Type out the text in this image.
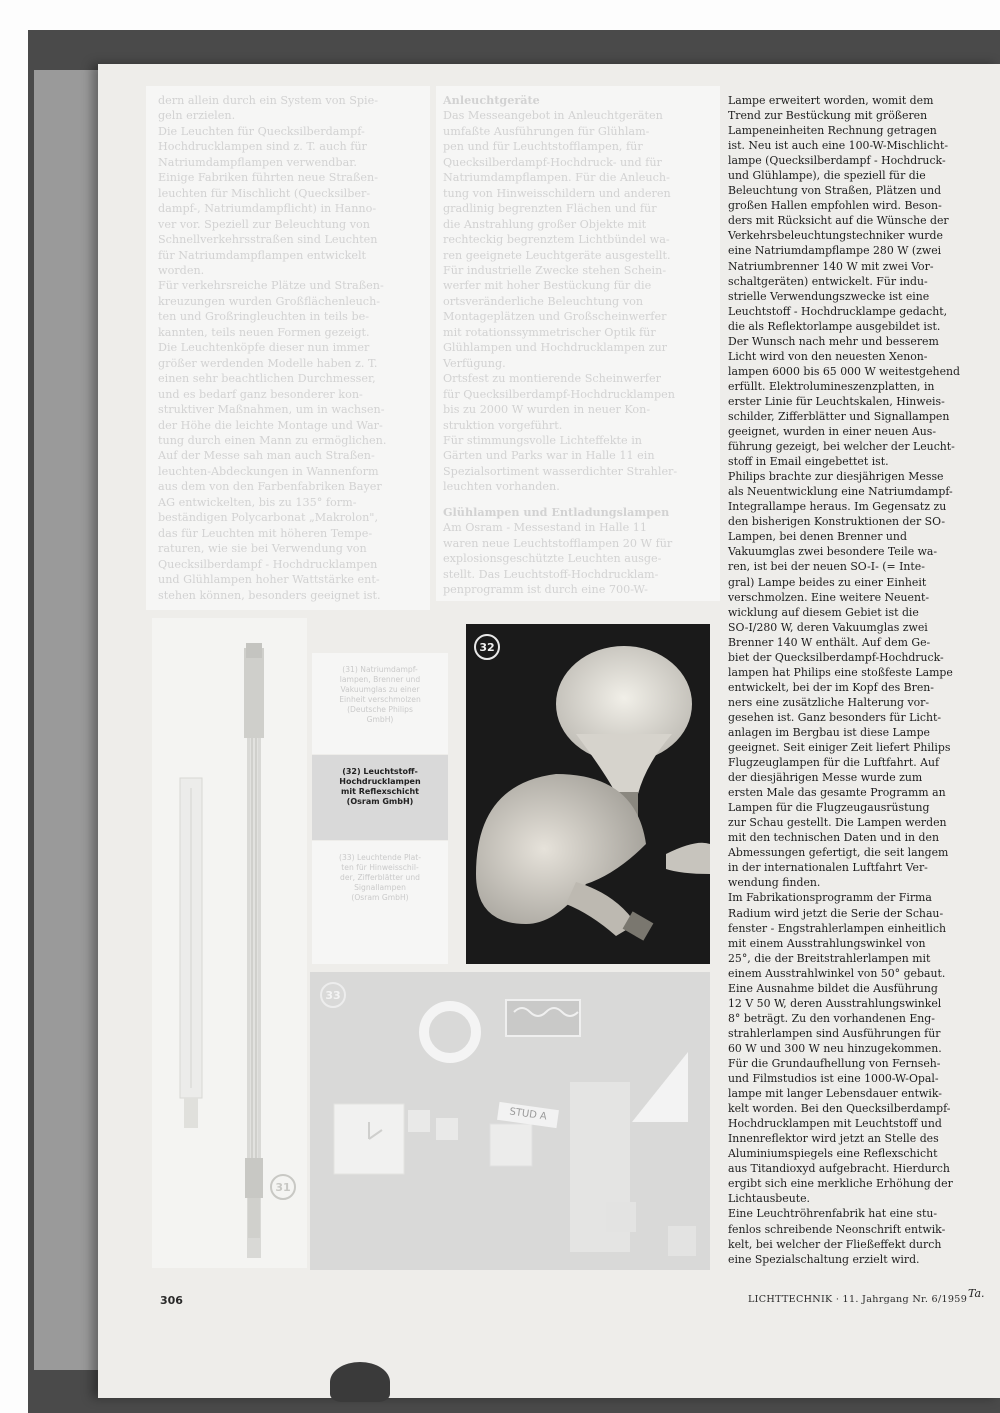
dern allein durch ein System von Spie-
geln erzielen.
Die Leuchten für Quecksilberdampf-
Hochdrucklampen sind z. T. auch für
Natriumdampflampen verwendbar.
Einige Fabriken führten neue Straßen-
leuchten für Mischlicht (Quecksilber-
dampf-, Natriumdampflicht) in Hanno-
ver vor. Speziell zur Beleuchtung von
Schnellverkehrsstraßen sind Leuchten
für Natriumdampflampen entwickelt
worden.
Für verkehrsreiche Plätze und Straßen-
kreuzungen wurden Großflächenleuch-
ten und Großringleuchten in teils be-
kannten, teils neuen Formen gezeigt.
Die Leuchtenköpfe dieser nun immer
größer werdenden Modelle haben z. T.
einen sehr beachtlichen Durchmesser,
und es bedarf ganz besonderer kon-
struktiver Maßnahmen, um in wachsen-
der Höhe die leichte Montage und War-
tung durch einen Mann zu ermöglichen.
Auf der Messe sah man auch Straßen-
leuchten-Abdeckungen in Wannenform
aus dem von den Farbenfabriken Bayer
AG entwickelten, bis zu 135° form-
beständigen Polycarbonat „Makrolon",
das für Leuchten mit höheren Tempe-
raturen, wie sie bei Verwendung von
Quecksilberdampf - Hochdrucklampen
und Glühlampen hoher Wattstärke ent-
stehen können, besonders geeignet ist.
Anleuchtgeräte
Das Messeangebot in Anleuchtgeräten
umfaßte Ausführungen für Glühlam-
pen und für Leuchtstofflampen, für
Quecksilberdampf-Hochdruck- und für
Natriumdampflampen. Für die Anleuch-
tung von Hinweisschildern und anderen
gradlinig begrenzten Flächen und für
die Anstrahlung großer Objekte mit
rechteckig begrenztem Lichtbündel wa-
ren geeignete Leuchtgeräte ausgestellt.
Für industrielle Zwecke stehen Schein-
werfer mit hoher Bestückung für die
ortsveränderliche Beleuchtung von
Montageplätzen und Großscheinwerfer
mit rotationssymmetrischer Optik für
Glühlampen und Hochdrucklampen zur
Verfügung.
Ortsfest zu montierende Scheinwerfer
für Quecksilberdampf-Hochdrucklampen
bis zu 2000 W wurden in neuer Kon-
struktion vorgeführt.
Für stimmungsvolle Lichteffekte in
Gärten und Parks war in Halle 11 ein
Spezialsortiment wasserdichter Strahler-
leuchten vorhanden.
Glühlampen und Entladungslampen
Am Osram - Messestand in Halle 11
waren neue Leuchtstofflampen 20 W für
explosionsgeschützte Leuchten ausge-
stellt. Das Leuchtstoff-Hochdrucklam-
penprogramm ist durch eine 700-W-
Lampe erweitert worden, womit dem
Trend zur Bestückung mit größeren
Lampeneinheiten Rechnung getragen
ist. Neu ist auch eine 100-W-Mischlicht-
lampe (Quecksilberdampf - Hochdruck-
und Glühlampe), die speziell für die
Beleuchtung von Straßen, Plätzen und
großen Hallen empfohlen wird. Beson-
ders mit Rücksicht auf die Wünsche der
Verkehrsbeleuchtungstechniker wurde
eine Natriumdampflampe 280 W (zwei
Natriumbrenner 140 W mit zwei Vor-
schaltgeräten) entwickelt. Für indu-
strielle Verwendungszwecke ist eine
Leuchtstoff - Hochdrucklampe gedacht,
die als Reflektorlampe ausgebildet ist.
Der Wunsch nach mehr und besserem
Licht wird von den neuesten Xenon-
lampen 6000 bis 65 000 W weitestgehend
erfüllt. Elektrolumineszenzplatten, in
erster Linie für Leuchtskalen, Hinweis-
schilder, Zifferblätter und Signallampen
geeignet, wurden in einer neuen Aus-
führung gezeigt, bei welcher der Leucht-
stoff in Email eingebettet ist.
Philips brachte zur diesjährigen Messe
als Neuentwicklung eine Natriumdampf-
Integrallampe heraus. Im Gegensatz zu
den bisherigen Konstruktionen der SO-
Lampen, bei denen Brenner und
Vakuumglas zwei besondere Teile wa-
ren, ist bei der neuen SO-I- (= Inte-
gral) Lampe beides zu einer Einheit
verschmolzen. Eine weitere Neuent-
wicklung auf diesem Gebiet ist die
SO-I/280 W, deren Vakuumglas zwei
Brenner 140 W enthält. Auf dem Ge-
biet der Quecksilberdampf-Hochdruck-
lampen hat Philips eine stoßfeste Lampe
entwickelt, bei der im Kopf des Bren-
ners eine zusätzliche Halterung vor-
gesehen ist. Ganz besonders für Licht-
anlagen im Bergbau ist diese Lampe
geeignet. Seit einiger Zeit liefert Philips
Flugzeuglampen für die Luftfahrt. Auf
der diesjährigen Messe wurde zum
ersten Male das gesamte Programm an
Lampen für die Flugzeugausrüstung
zur Schau gestellt. Die Lampen werden
mit den technischen Daten und in den
Abmessungen gefertigt, die seit langem
in der internationalen Luftfahrt Ver-
wendung finden.
Im Fabrikationsprogramm der Firma
Radium wird jetzt die Serie der Schau-
fenster - Engstrahlerlampen einheitlich
mit einem Ausstrahlungswinkel von
25°, die der Breitstrahlerlampen mit
einem Ausstrahlwinkel von 50° gebaut.
Eine Ausnahme bildet die Ausführung
12 V 50 W, deren Ausstrahlungswinkel
8° beträgt. Zu den vorhandenen Eng-
strahlerlampen sind Ausführungen für
60 W und 300 W neu hinzugekommen.
Für die Grundaufhellung von Fernseh-
und Filmstudios ist eine 1000-W-Opal-
lampe mit langer Lebensdauer entwik-
kelt worden. Bei den Quecksilberdampf-
Hochdrucklampen mit Leuchtstoff und
Innenreflektor wird jetzt an Stelle des
Aluminiumspiegels eine Reflexschicht
aus Titandioxyd aufgebracht. Hierdurch
ergibt sich eine merkliche Erhöhung der
Lichtausbeute.
Eine Leuchtröhrenfabrik hat eine stu-
fenlos schreibende Neonschrift entwik-
kelt, bei welcher der Fließeffekt durch
eine Spezialschaltung erzielt wird.
Ta.
31
(31) Natriumdampf-
lampen, Brenner und
Vakuumglas zu einer
Einheit verschmolzen
(Deutsche Philips
GmbH)
(32) Leuchtstoff-
Hochdrucklampen
mit Reflexschicht
(Osram GmbH)
(33) Leuchtende Plat-
ten für Hinweisschil-
der, Zifferblätter und
Signallampen
(Osram GmbH)
32
STUD A
33
306	LICHTTECHNIK · 11. Jahrgang Nr. 6/1959
